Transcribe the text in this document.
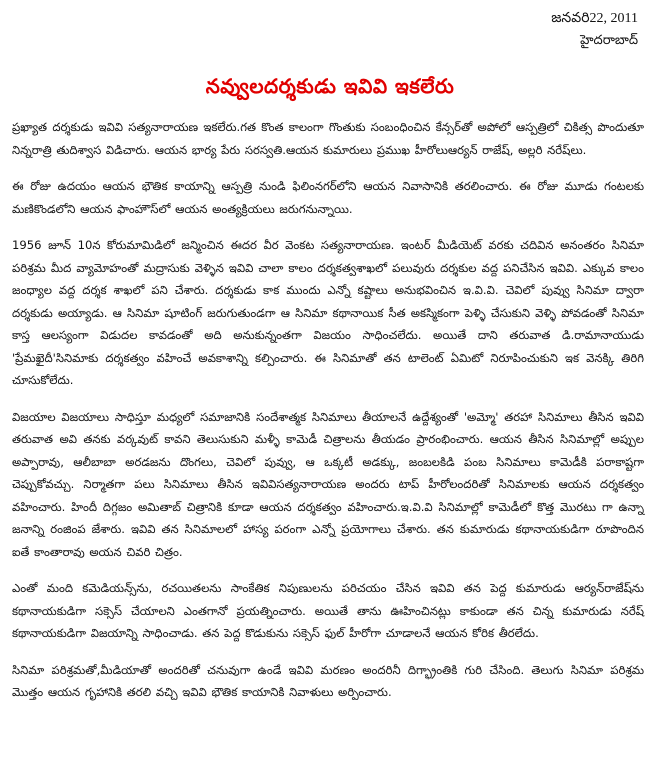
జనవరి22, 2011
హైదరాబాద్
నవ్వులదర్శకుడు ఇవివి ఇకలేరు

ప్రఖ్యాత దర్శకుడు ఇవివి సత్యనారాయణ ఇకలేరు.గత కొంత కాలంగా గొంతుకు సంబంధించిన కేన్సర్‌తో అపోలో ఆస్పత్రిలో చికిత్స పొందుతూ నిన్నరాత్రి తుదిశ్వాస విడిచారు. ఆయన భార్య పేరు సరస్వతి.ఆయన కుమారులు ప్రముఖ హీరోలుఆర్యన్ రాజేష్, అల్లరి నరేష్‌లు.

ఈ రోజు ఉదయం ఆయన భౌతిక కాయాన్ని ఆస్పత్రి నుండి ఫిలింనగర్‌లోని ఆయన నివాసానికి తరలించారు. ఈ రోజు మూడు గంటలకు మణికొండలోని ఆయన ఫాంహౌస్‌లో ఆయన అంత్యక్రియలు జరుగనున్నాయి.

1956 జూన్ 10న కోరుమామిడిలో జన్మించిన ఈదర వీర వెంకట సత్యనారాయణ. ఇంటర్ మీడియెట్ వరకు చదివిన అనంతరం సినిమా పరిశ్రమ మీద వ్యామోహంతో మద్రాసుకు వెళ్ళిన ఇవివి చాలా కాలం దర్శకత్వశాఖలో పలువురు దర్శకుల వద్ద పనిచేసిన ఇవివి. ఎక్కువ కాలం జంధ్యాల వద్ద దర్శక శాఖలో పని చేశారు. దర్శకుడు కాక ముందు ఎన్నో కష్టాలు అనుభవించిన ఇ.వి.వి. చెవిలో పువ్వు సినిమా ద్వారా దర్శకుడు అయ్యాడు. ఆ సినిమా షూటింగ్ జరుగుతుండగా ఆ సినిమా కథానాయిక సీత అకస్మికంగా పెళ్ళి చేసుకుని వెళ్ళి పోవడంతో సినిమా కాస్త ఆలస్యంగా విడుదల కావడంతో అది అనుకున్నంతగా విజయం సాధించలేదు. అయితే దాని తరువాత డి.రామానాయుడు 'ప్రేమఖైదీ'సినిమాకు దర్శకత్వం వహించే అవకాశాన్ని కల్పించారు. ఈ సినిమాతో తన టాలెంట్ ఏమిటో నిరూపించుకుని ఇక వెనక్కి తిరిగి చూసుకోలేదు.

విజయాల విజయాలు సాధిస్తూ మధ్యలో సమాజానికి సందేశాత్మక సినిమాలు తీయాలనే ఉద్దేశ్యంతో 'అమ్మో' తరహా సినిమాలు తీసిన ఇవివి తరువాత అవి తనకు వర్కవుట్ కావని తెలుసుకుని మళ్ళీ కామెడీ చిత్రాలను తీయడం ప్రారంభించారు. ఆయన తీసిన సినిమాల్లో అప్పుల అప్పారావు, ఆలీబాబా అరడజను దొంగలు, చెవిలో పువ్వు, ఆ ఒక్కటీ అడక్కు, జంబలకిడి పంబ సినిమాలు కామెడీకి పరాకాష్టగా చెప్పుకోవచ్చు. నిర్మాతగా పలు సినిమాలు తీసిన ఇవివిసత్యనారాయణ అందరు టాప్ హీరోలందరితో సినిమాలకు ఆయన దర్శకత్వం వహించారు. హిందీ దిగ్గజం అమితాబ్ చిత్రానికి కూడా ఆయన దర్శకత్వం వహించారు.ఇ.వి.వి సినిమాల్లో కామెడీలో కొత్త మొరటు గా ఉన్నా జనాన్ని రంజింప జేశారు. ఇవివి తన సినిమాలలో హాస్య పరంగా ఎన్నో ప్రయోగాలు చేశారు. తన కుమారుడు కథానాయకుడిగా రూపొందిన ఐతే కాంతారావు అయన చివరి చిత్రం.

ఎంతో మంది కమెడియన్స్‌ను, రచయితలను సాంకేతిక నిపుణులను పరిచయం చేసిన ఇవివి తన పెద్ద కుమారుడు ఆర్యన్‌రాజేష్‌ను కథానాయకుడిగా సక్సెస్ చేయాలని ఎంతగానో ప్రయత్నించారు. అయితే తాను ఊహించినట్లు కాకుండా తన చిన్న కుమారుడు నరేష్ కథానాయకుడిగా విజయాన్ని సాధించాడు. తన పెద్ద కొడుకును సక్సెస్ ఫుల్ హీరోగా చూడాలనే ఆయన కోరిక తీరలేదు.

సినిమా పరిశ్రమతో,మీడియాతో అందరితో చనువుగా ఉండే ఇవివి మరణం అందరినీ దిగ్భ్రాంతికి గురి చేసింది. తెలుగు సినిమా పరిశ్రమ మొత్తం ఆయన గృహానికి తరలి వచ్చి ఇవివి భౌతిక కాయానికి నివాళులు అర్పించారు.
